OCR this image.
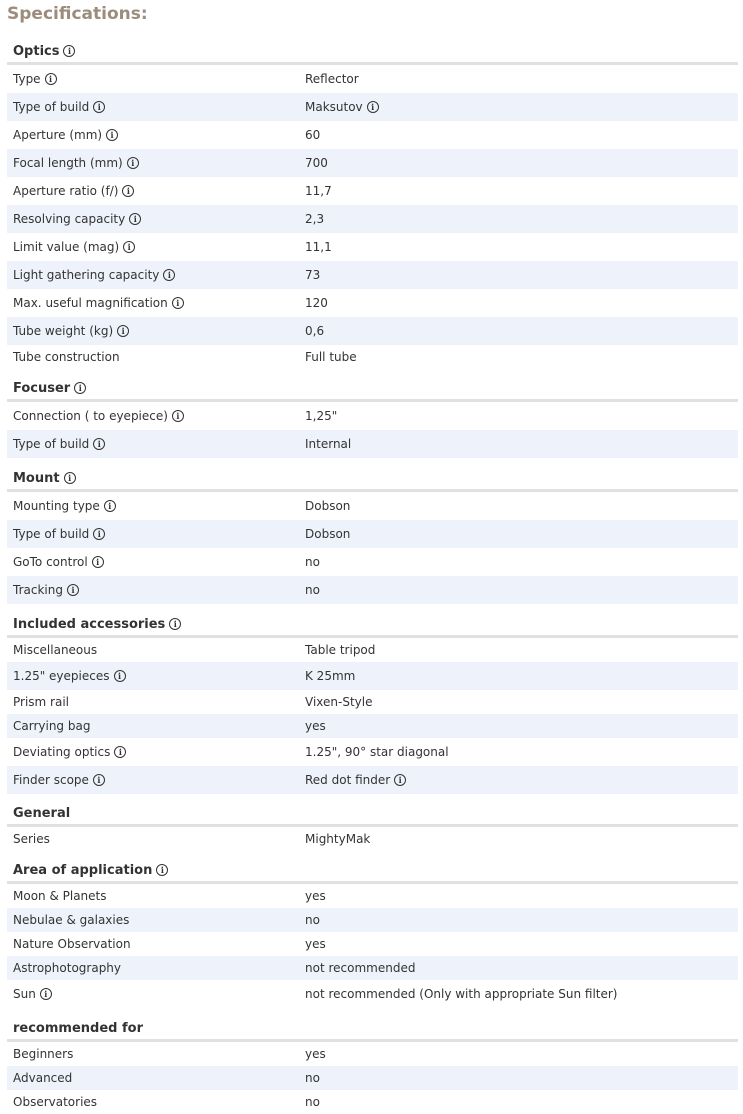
Specifications:
Optics	i
Type	i	Reflector
Type of build	i	Maksutov	i
Aperture (mm)	i	60
Focal length (mm)	i	700
Aperture ratio (f/)	i	11,7
Resolving capacity	i	2,3
Limit value (mag)	i	11,1
Light gathering capacity	i	73
Max. useful magnification	i	120
Tube weight (kg)	i	0,6
Tube construction	Full tube
Focuser	i
Connection ( to eyepiece)	i	1,25"
Type of build	i	Internal
Mount	i
Mounting type	i	Dobson
Type of build	i	Dobson
GoTo control	i	no
Tracking	i	no
Included accessories	i
Miscellaneous	Table tripod
1.25" eyepieces	i	K 25mm
Prism rail	Vixen-Style
Carrying bag	yes
Deviating optics	i	1.25", 90° star diagonal
Finder scope	i	Red dot finder	i
General
Series	MightyMak
Area of application	i
Moon & Planets	yes
Nebulae & galaxies	no
Nature Observation	yes
Astrophotography	not recommended
Sun	i	not recommended (Only with appropriate Sun filter)
recommended for
Beginners	yes
Advanced	no
Observatories	no
